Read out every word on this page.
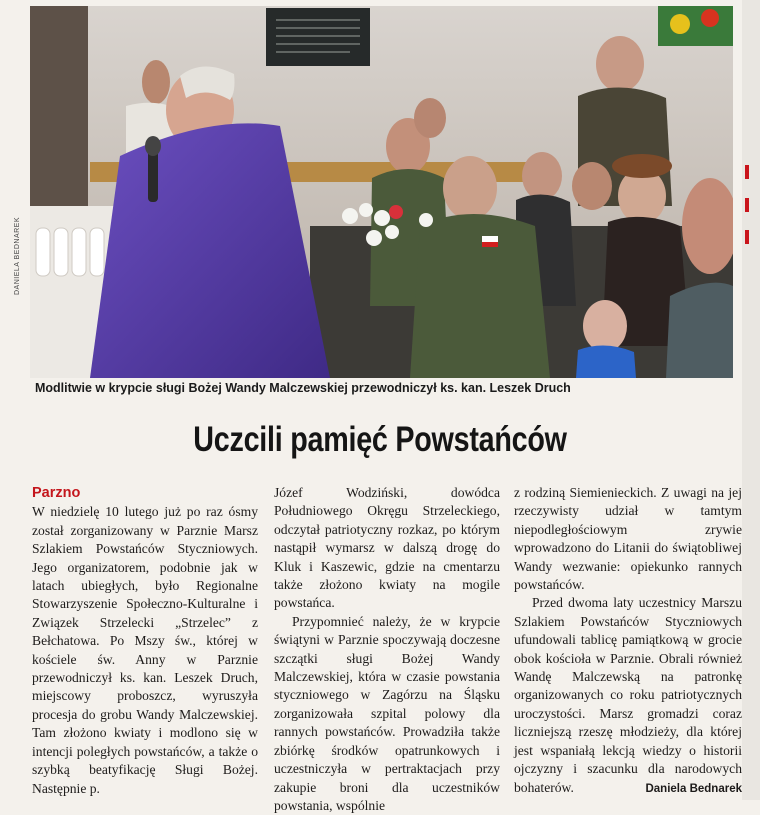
DANIELA BEDNAREK
Modlitwie w krypcie sługi Bożej Wandy Malczewskiej przewodniczył ks. kan. Leszek Druch
Uczcili pamięć Powstańców
Parzno

W niedzielę 10 lutego już po raz ósmy został zorganizowany w Parznie Marsz Szlakiem Powstańców Styczniowych. Jego organizatorem, podobnie jak w latach ubiegłych, było Regionalne Stowarzyszenie Społeczno-Kulturalne i Związek Strzelecki „Strzelec” z Bełchatowa. Po Mszy św., której w kościele św. Anny w Parznie przewodniczył ks. kan. Leszek Druch, miejscowy proboszcz, wyruszyła procesja do grobu Wandy Malczewskiej. Tam złożono kwiaty i modlono się w intencji poległych powstańców, a także o szybką beatyfikację Sługi Bożej. Następnie p.

Józef Wodziński, dowódca Południowego Okręgu Strzeleckiego, odczytał patriotyczny rozkaz, po którym nastąpił wymarsz w dalszą drogę do Kluk i Kaszewic, gdzie na cmentarzu także złożono kwiaty na mogile powstańca.

Przypomnieć należy, że w krypcie świątyni w Parznie spoczywają doczesne szczątki sługi Bożej Wandy Malczewskiej, która w czasie powstania styczniowego w Zagórzu na Śląsku zorganizowała szpital polowy dla rannych powstańców. Prowadziła także zbiórkę środków opatrunkowych i uczestniczyła w pertraktacjach przy zakupie broni dla uczestników powstania, wspólnie

z rodziną Siemienieckich. Z uwagi na jej rzeczywisty udział w tamtym niepodległościowym zrywie wprowadzono do Litanii do świątobliwej Wandy wezwanie: opiekunko rannych powstańców.

Przed dwoma laty uczestnicy Marszu Szlakiem Powstańców Styczniowych ufundowali tablicę pamiątkową w grocie obok kościoła w Parznie. Obrali również Wandę Malczewską na patronkę organizowanych co roku patriotycznych uroczystości. Marsz gromadzi coraz liczniejszą rzeszę młodzieży, dla której jest wspaniałą lekcją wiedzy o historii ojczyzny i szacunku dla narodowych bohaterów.	Daniela Bednarek
